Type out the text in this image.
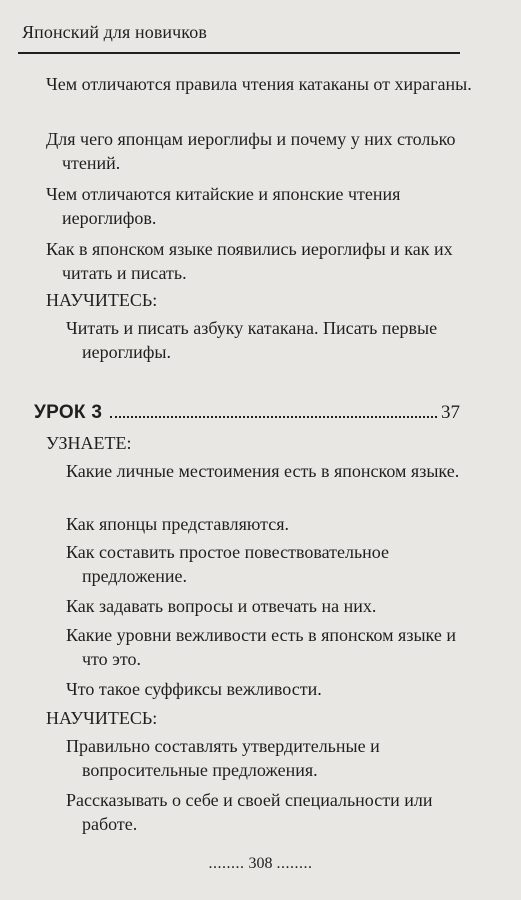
Японский для новичков

Чем отличаются правила чтения катаканы от хираганы.

Для чего японцам иероглифы и почему у них столько чтений.

Чем отличаются китайские и японские чтения иероглифов.

Как в японском языке появились иероглифы и как их читать и писать.

НАУЧИТЕСЬ:

Читать и писать азбуку катакана. Писать первые иероглифы.

УРОК 3	37

УЗНАЕТЕ:

Какие личные местоимения есть в японском языке.

Как японцы представляются.

Как составить простое повествовательное предложение.

Как задавать вопросы и отвечать на них.

Какие уровни вежливости есть в японском языке и что это.

Что такое суффиксы вежливости.

НАУЧИТЕСЬ:

Правильно составлять утвердительные и вопросительные предложения.

Рассказывать о себе и своей специальности или работе.

........ 308 ........
